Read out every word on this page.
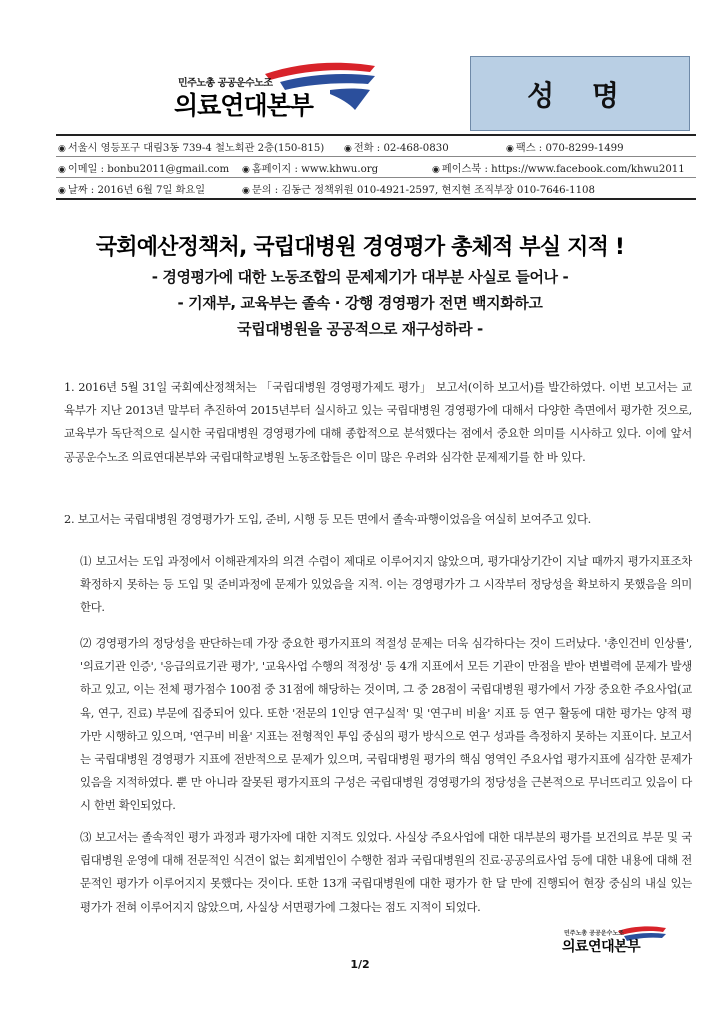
민주노총 공공운수노조
의료연대본부	성 명
◉ 서울시 영등포구 대림3동 739-4 철노회관 2층(150-815) ◉ 전화 : 02-468-0830	◉ 팩스 : 070-8299-1499
◉ 이메일 : bonbu2011@gmail.com ◉ 홈페이지 : www.khwu.org	◉ 페이스북 : https://www.facebook.com/khwu2011
◉ 날짜 : 2016년 6월 7일 화요일	◉ 문의 : 김동근 정책위원 010-4921-2597, 현지현 조직부장 010-7646-1108
국회예산정책처, 국립대병원 경영평가 총체적 부실 지적 !
- 경영평가에 대한 노동조합의 문제제기가 대부분 사실로 들어나 -
- 기재부, 교육부는 졸속 · 강행 경영평가 전면 백지화하고
국립대병원을 공공적으로 재구성하라 -
1. 2016년 5월 31일 국회예산정책처는 「국립대병원 경영평가제도 평가」 보고서(이하 보고서)를 발간하였다. 이번 보고서는 교육부가 지난 2013년 말부터 추진하여 2015년부터 실시하고 있는 국립대병원 경영평가에 대해서 다양한 측면에서 평가한 것으로, 교육부가 독단적으로 실시한 국립대병원 경영평가에 대해 종합적으로 분석했다는 점에서 중요한 의미를 시사하고 있다. 이에 앞서 공공운수노조 의료연대본부와 국립대학교병원 노동조합들은 이미 많은 우려와 심각한 문제제기를 한 바 있다.
2. 보고서는 국립대병원 경영평가가 도입, 준비, 시행 등 모든 면에서 졸속·파행이었음을 여실히 보여주고 있다.
⑴ 보고서는 도입 과정에서 이해관계자의 의견 수렴이 제대로 이루어지지 않았으며, 평가대상기간이 지날 때까지 평가지표조차 확정하지 못하는 등 도입 및 준비과정에 문제가 있었음을 지적. 이는 경영평가가 그 시작부터 정당성을 확보하지 못했음을 의미한다.
⑵ 경영평가의 정당성을 판단하는데 가장 중요한 평가지표의 적절성 문제는 더욱 심각하다는 것이 드러났다. '총인건비 인상률', '의료기관 인증', '응급의료기관 평가', '교육사업 수행의 적정성' 등 4개 지표에서 모든 기관이 만점을 받아 변별력에 문제가 발생하고 있고, 이는 전체 평가점수 100점 중 31점에 해당하는 것이며, 그 중 28점이 국립대병원 평가에서 가장 중요한 주요사업(교육, 연구, 진료) 부문에 집중되어 있다. 또한 '전문의 1인당 연구실적' 및 '연구비 비율' 지표 등 연구 활동에 대한 평가는 양적 평가만 시행하고 있으며, '연구비 비율' 지표는 전형적인 투입 중심의 평가 방식으로 연구 성과를 측정하지 못하는 지표이다. 보고서는 국립대병원 경영평가 지표에 전반적으로 문제가 있으며, 국립대병원 평가의 핵심 영역인 주요사업 평가지표에 심각한 문제가 있음을 지적하였다. 뿐 만 아니라 잘못된 평가지표의 구성은 국립대병원 경영평가의 정당성을 근본적으로 무너뜨리고 있음이 다시 한번 확인되었다.
⑶ 보고서는 졸속적인 평가 과정과 평가자에 대한 지적도 있었다. 사실상 주요사업에 대한 대부분의 평가를 보건의료 부문 및 국립대병원 운영에 대해 전문적인 식견이 없는 회계법인이 수행한 점과 국립대병원의 진료·공공의료사업 등에 대한 내용에 대해 전문적인 평가가 이루어지지 못했다는 것이다. 또한 13개 국립대병원에 대한 평가가 한 달 만에 진행되어 현장 중심의 내실 있는 평가가 전혀 이루어지지 않았으며, 사실상 서면평가에 그쳤다는 점도 지적이 되었다.
민주노총 공공운수노조
의료연대본부
1/2
